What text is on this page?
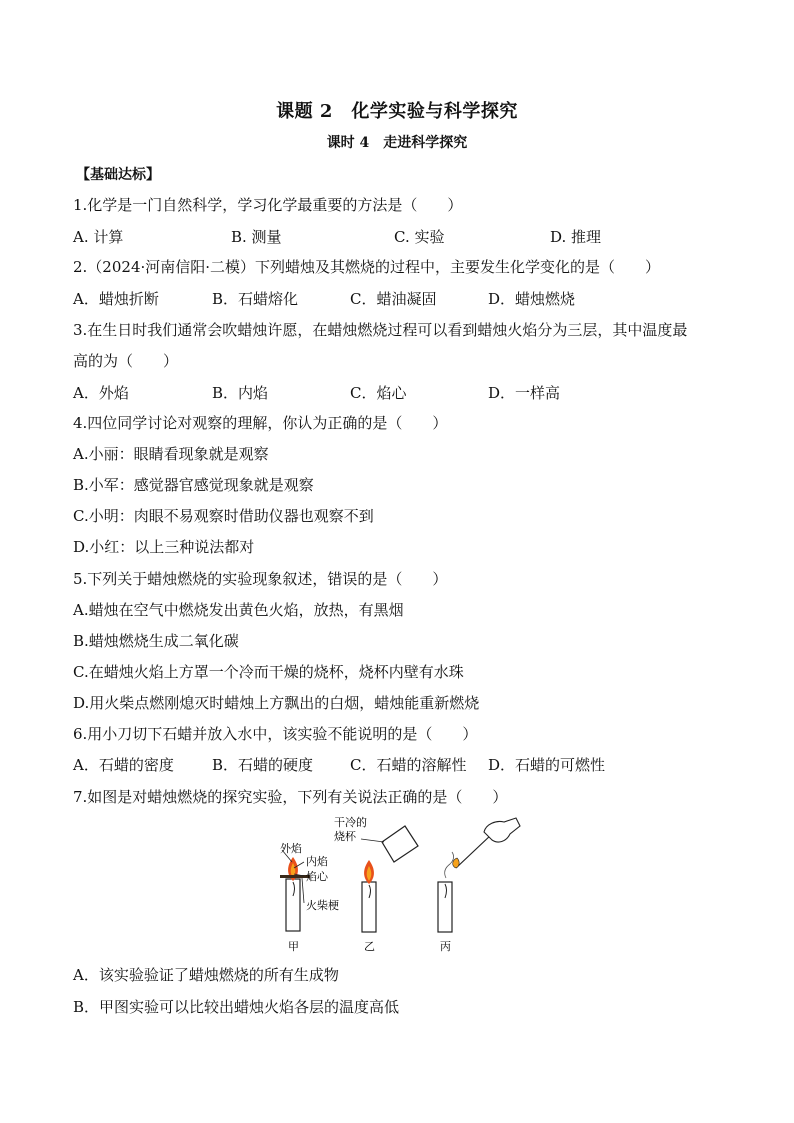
课题 2　化学实验与科学探究
课时 4　走进科学探究
【基础达标】
1.化学是一门自然科学，学习化学最重要的方法是（　　）
A. 计算	B. 测量	C. 实验	D. 推理
2.（2024·河南信阳·二模）下列蜡烛及其燃烧的过程中，主要发生化学变化的是（　　）
A．蜡烛折断	B．石蜡熔化	C．蜡油凝固	D．蜡烛燃烧
3.在生日时我们通常会吹蜡烛许愿，在蜡烛燃烧过程可以看到蜡烛火焰分为三层，其中温度最
高的为（　　）
A．外焰	B．内焰	C．焰心	D．一样高
4.四位同学讨论对观察的理解，你认为正确的是（　　）
A.小丽：眼睛看现象就是观察
B.小军：感觉器官感觉现象就是观察
C.小明：肉眼不易观察时借助仪器也观察不到
D.小红：以上三种说法都对
5.下列关于蜡烛燃烧的实验现象叙述，错误的是（　　）
A.蜡烛在空气中燃烧发出黄色火焰，放热，有黑烟
B.蜡烛燃烧生成二氧化碳
C.在蜡烛火焰上方罩一个冷而干燥的烧杯，烧杯内壁有水珠
D.用火柴点燃刚熄灭时蜡烛上方飘出的白烟，蜡烛能重新燃烧
6.用小刀切下石蜡并放入水中，该实验不能说明的是（　　）
A．石蜡的密度	B．石蜡的硬度 C．石蜡的溶解性 D．石蜡的可燃性
7.如图是对蜡烛燃烧的探究实验，下列有关说法正确的是（　　）
外焰
内焰
焰心
火柴梗
甲
干冷的
烧杯
乙	丙
A．该实验验证了蜡烛燃烧的所有生成物
B．甲图实验可以比较出蜡烛火焰各层的温度高低
